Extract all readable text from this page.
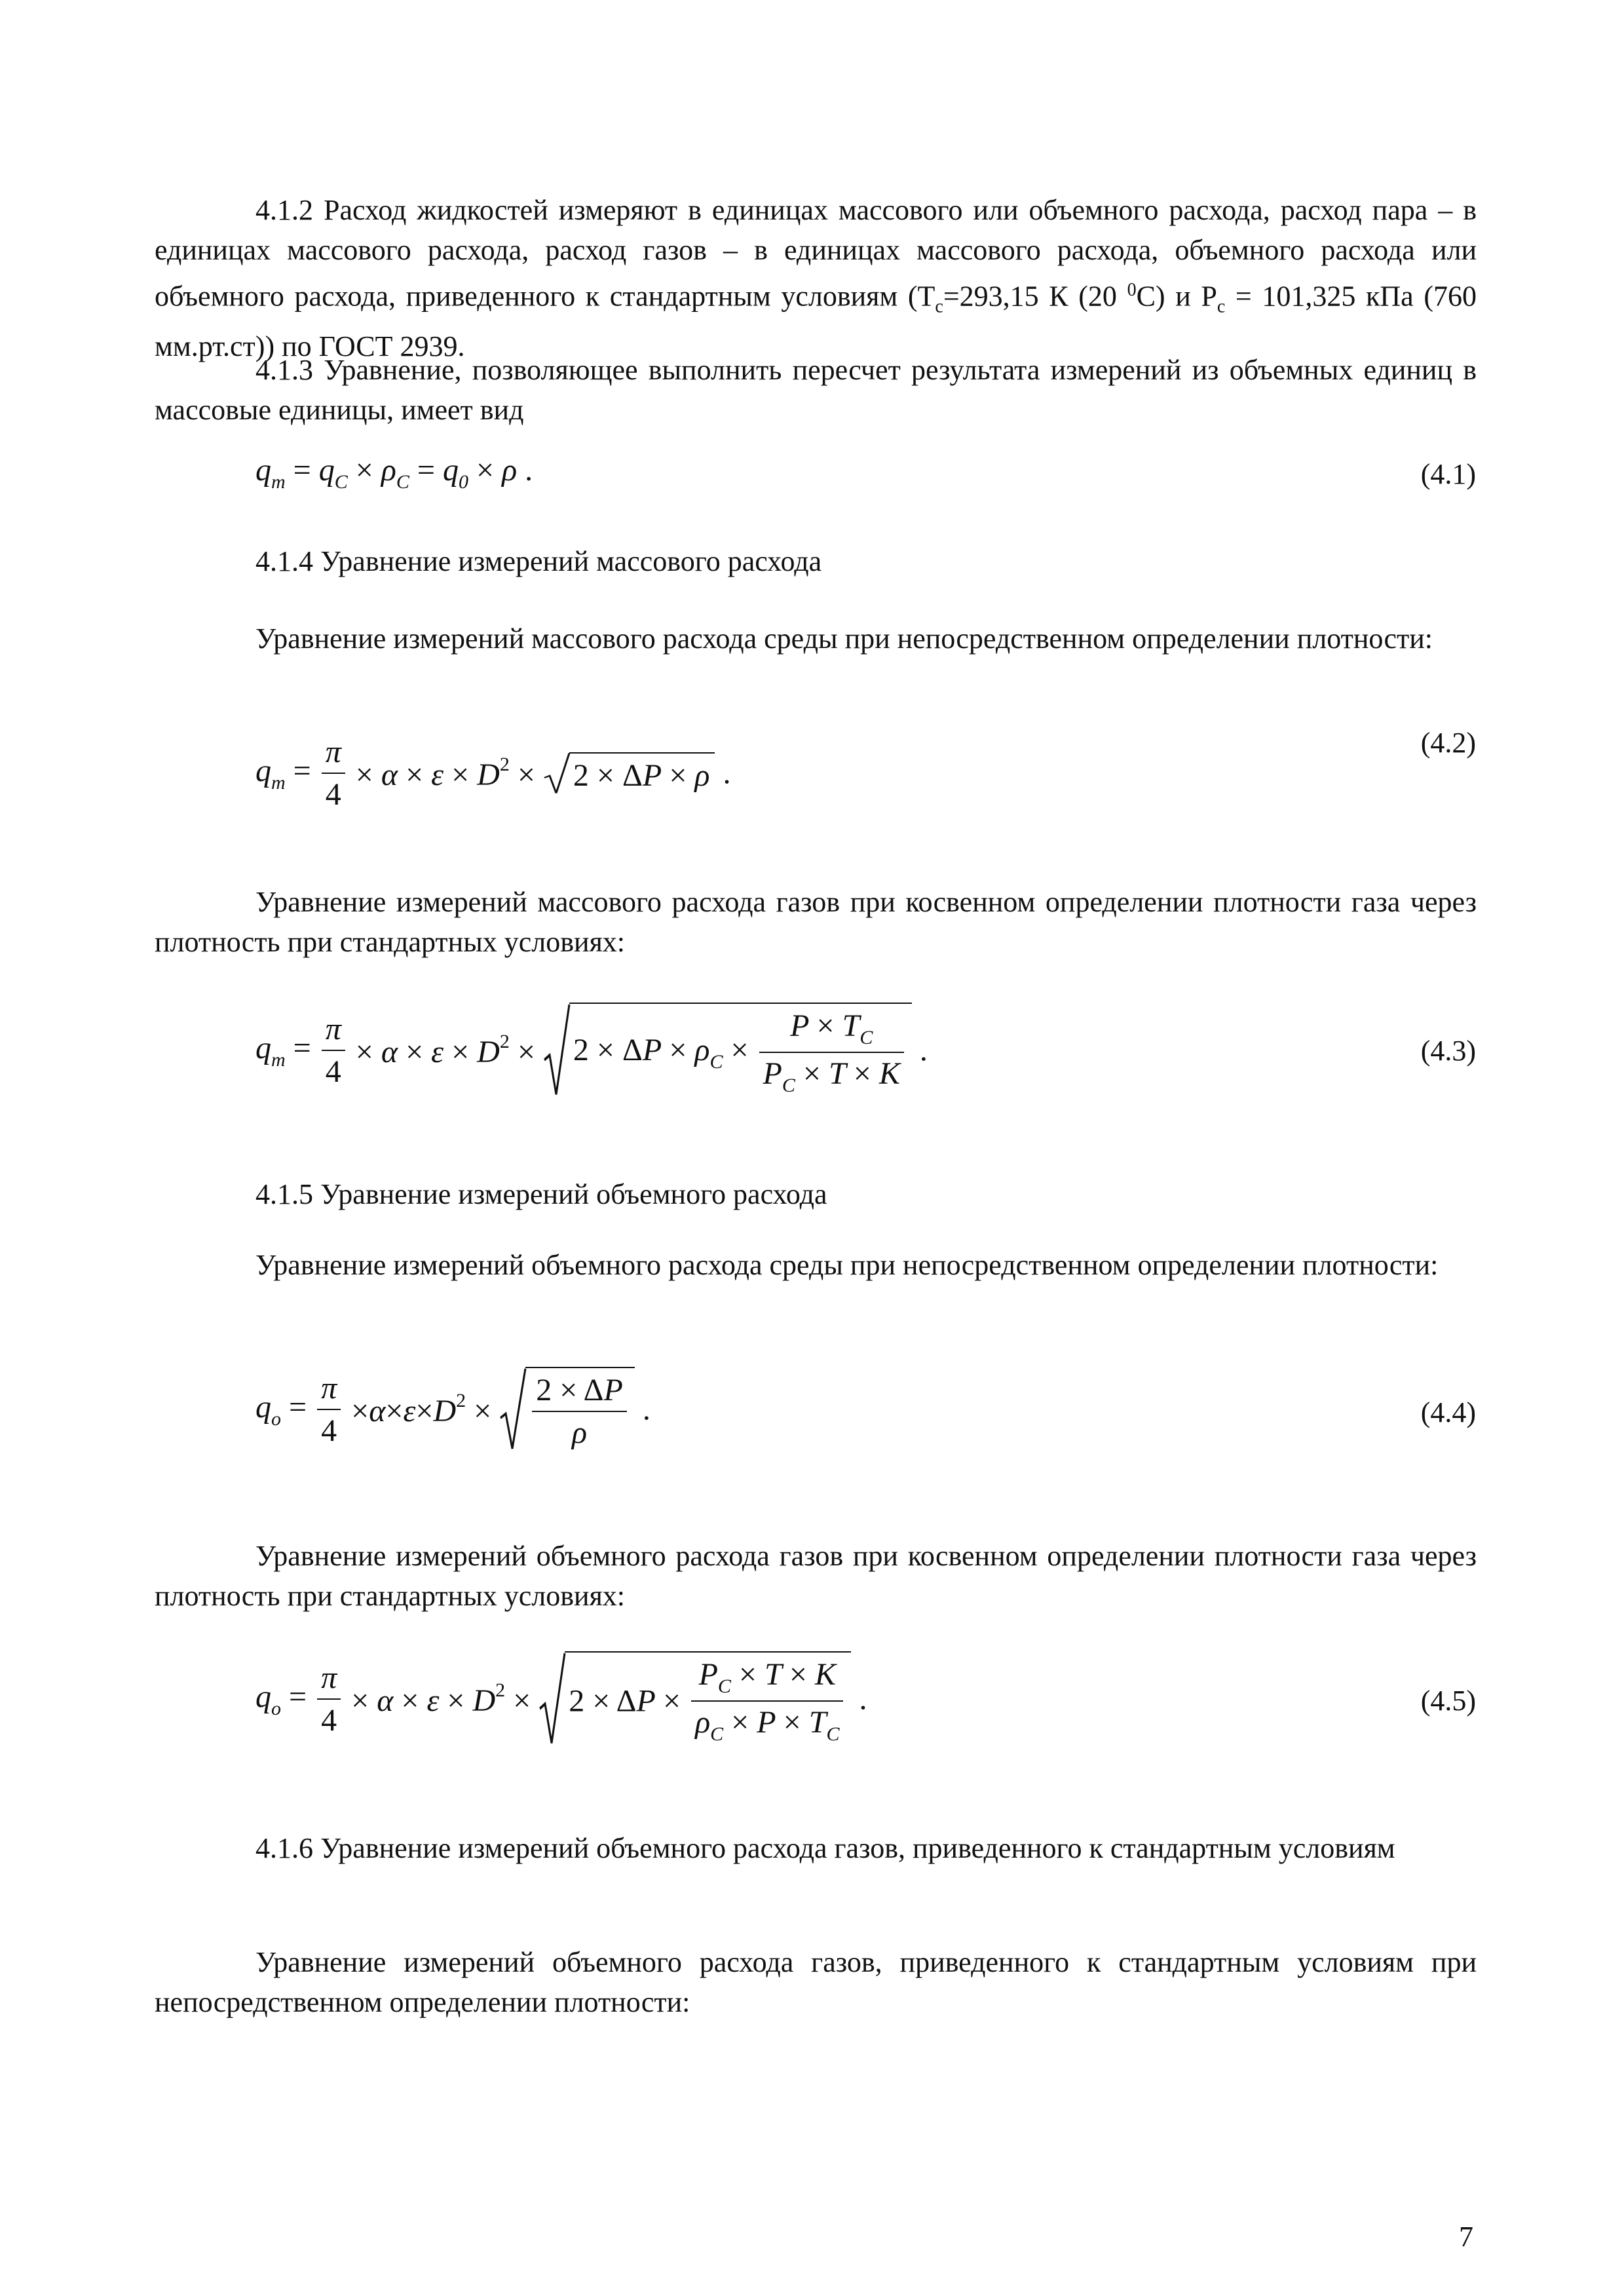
4.1.2 Расход жидкостей измеряют в единицах массового или объемного расхода, расход пара – в единицах массового расхода, расход газов – в единицах массового расхода, объемного расхода или объемного расхода, приведенного к стандартным условиям ($T_c=293,15$ К (20 $^0$С) и $Р_с = 101,325$ кПа (760 мм.рт.ст)) по ГОСТ 2939.

4.1.3 Уравнение, позволяющее выполнить пересчет результата измерений из объемных единиц в массовые единицы, имеет вид

$q_m = q_C \times \rho_C = q_0 \times \rho$ .	(4.1)

4.1.4 Уравнение измерений массового расхода

Уравнение измерений массового расхода среды при непосредственном определении плотности:

$q_m = \frac{\pi}{4} \times \alpha \times \varepsilon \times D^2 \times 2 \times \Delta P \times \rho$ .
(4.2)

Уравнение измерений массового расхода газов при косвенном определении плотности газа через плотность при стандартных условиях:

$q_m = \frac{\pi}{4} \times \alpha \times \varepsilon \times D^2 \times 2 \times \Delta P \times \rho_C \times \frac{P \times T_C}{P_C \times T \times K}$ .	(4.3)

4.1.5 Уравнение измерений объемного расхода

Уравнение измерений объемного расхода среды при непосредственном определении плотности:

$q_o = \frac{\pi}{4} \times\alpha\times\varepsilon\times D^2 \times \frac{2 \times \Delta P}{\rho}$ .	(4.4)

Уравнение измерений объемного расхода газов при косвенном определении плотности газа через плотность при стандартных условиях:

$q_o = \frac{\pi}{4} \times \alpha \times \varepsilon \times D^2 \times 2 \times \Delta P \times \frac{P_C \times T \times K}{\rho_C \times P \times T_C}$ .	(4.5)

4.1.6 Уравнение измерений объемного расхода газов, приведенного к стандартным условиям

Уравнение измерений объемного расхода газов, приведенного к стандартным условиям при непосредственном определении плотности:

7
